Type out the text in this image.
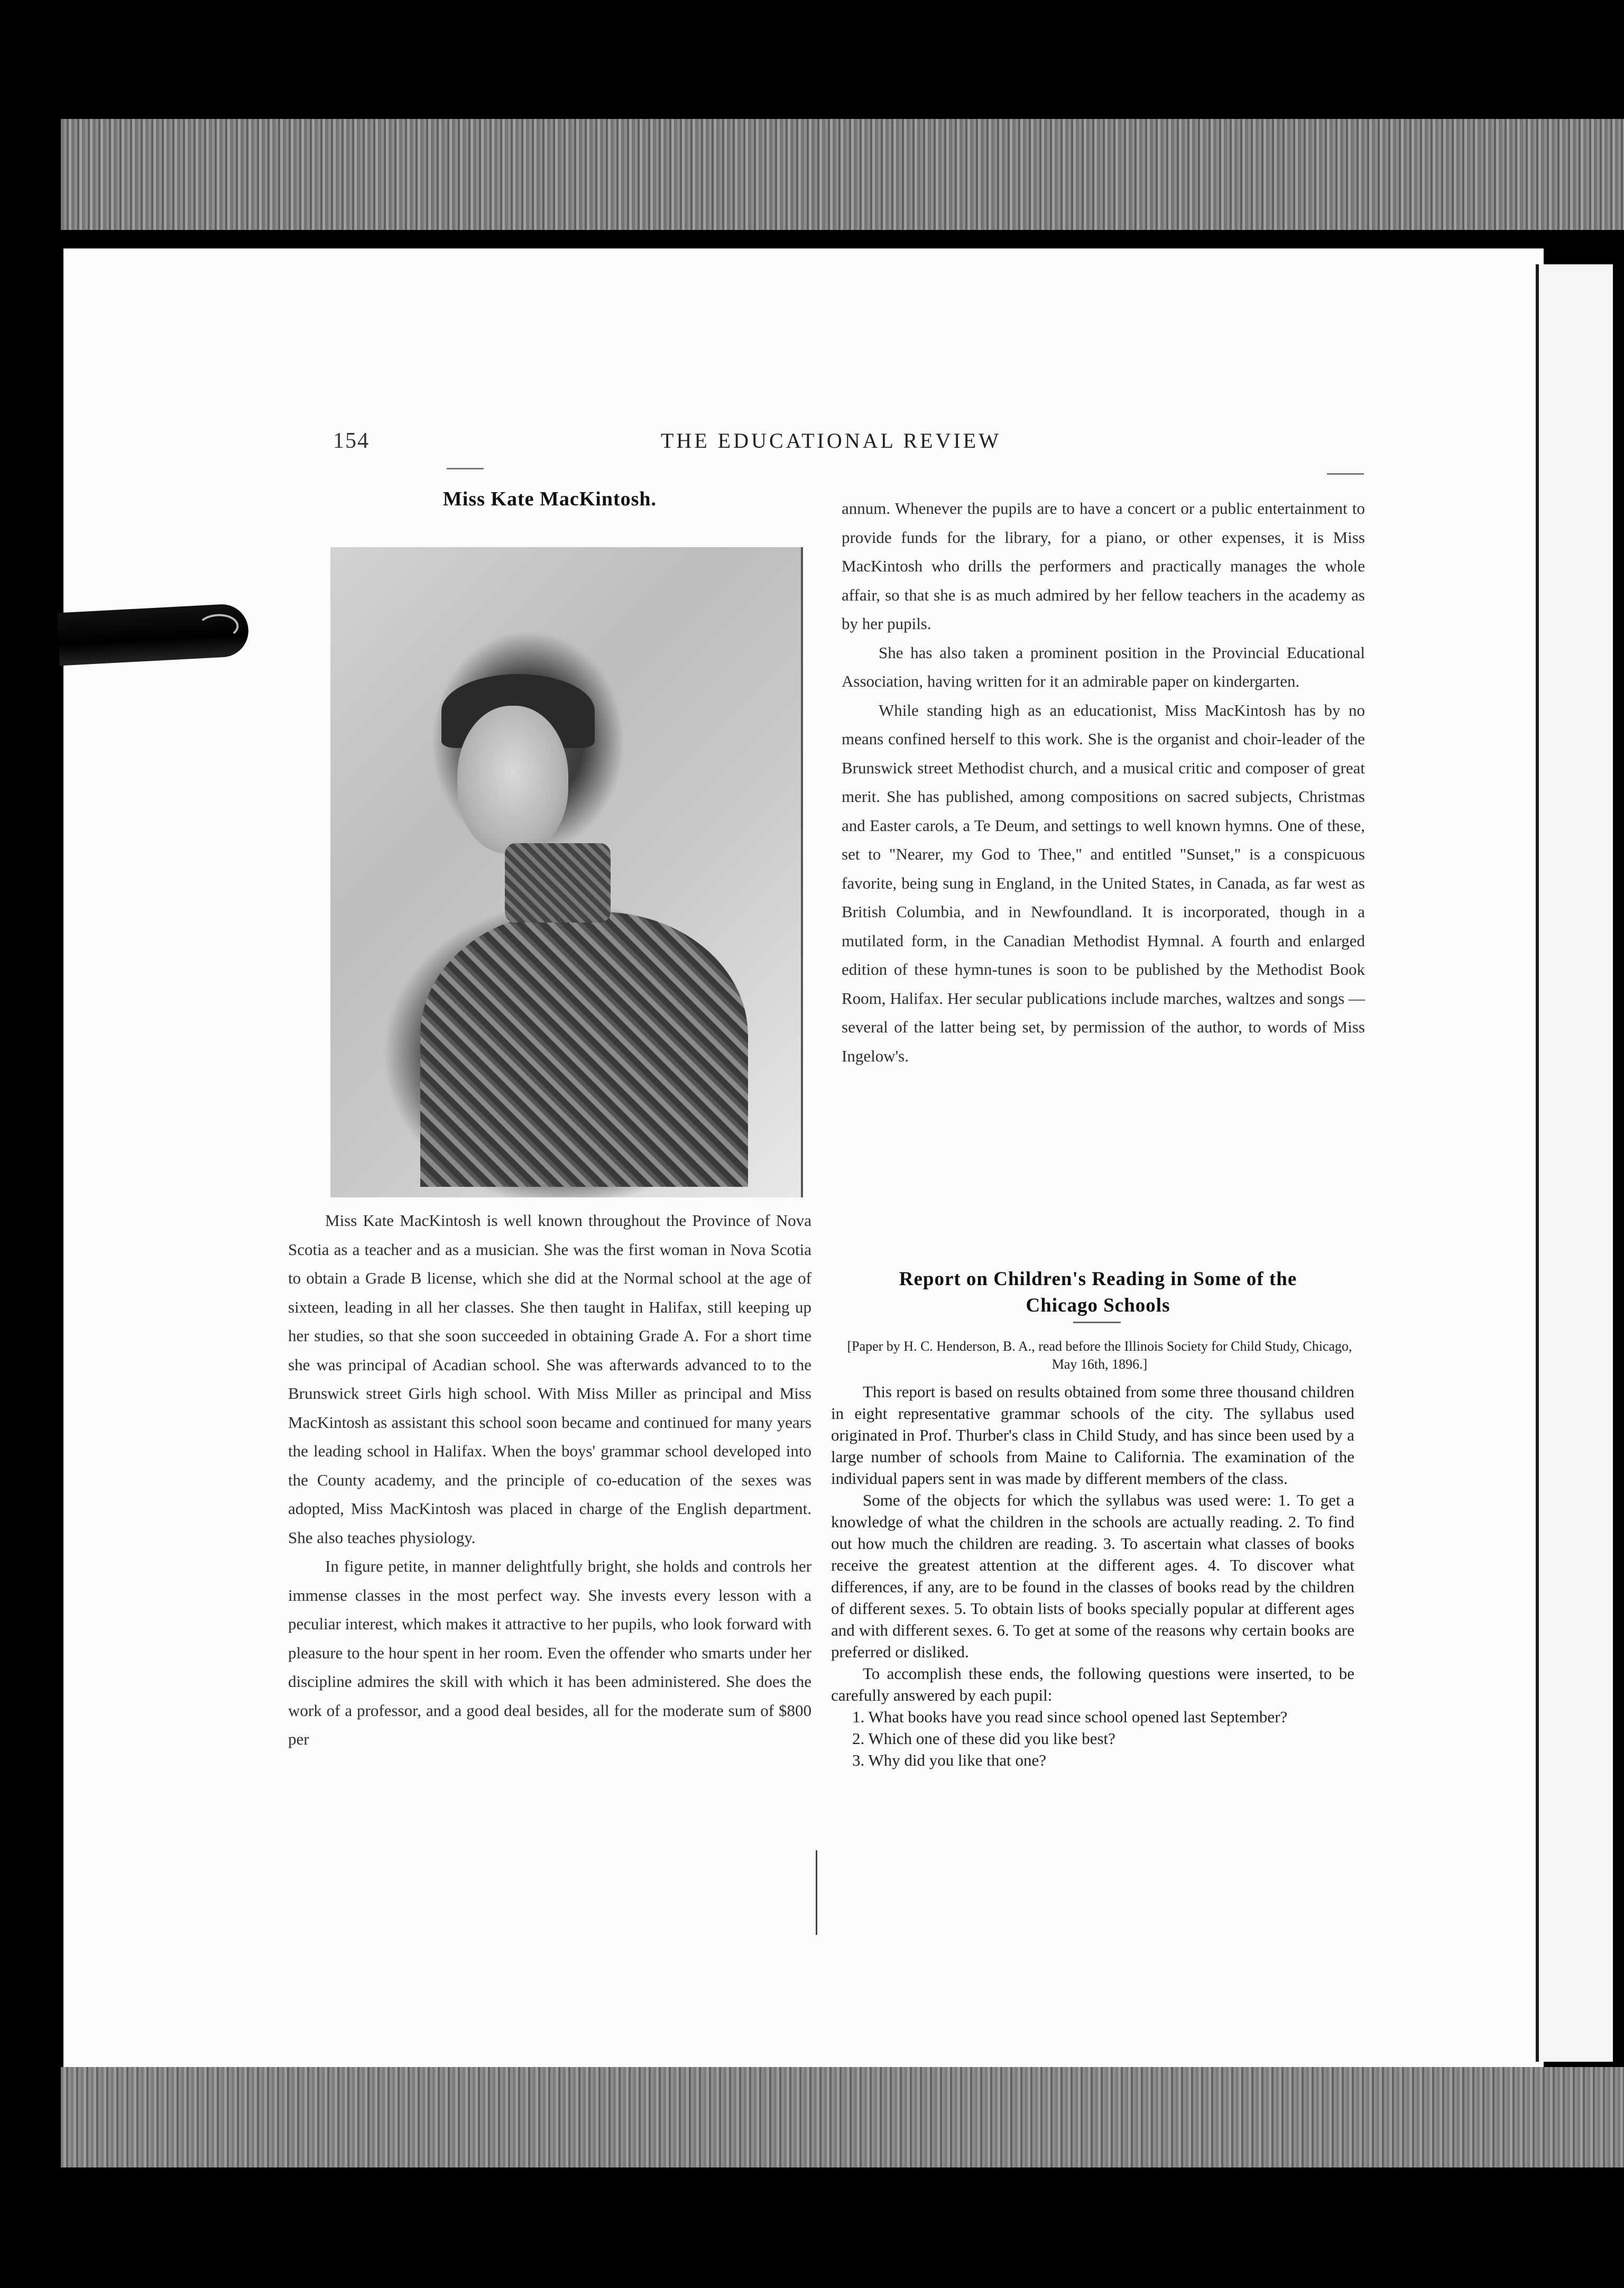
154	THE EDUCATIONAL REVIEW
Miss Kate MacKintosh.

Miss Kate MacKintosh is well known throughout the Province of Nova Scotia as a teacher and as a musician. She was the first woman in Nova Scotia to obtain a Grade B license, which she did at the Normal school at the age of sixteen, leading in all her classes. She then taught in Halifax, still keeping up her studies, so that she soon succeeded in obtaining Grade A. For a short time she was principal of Acadian school. She was afterwards advanced to to the Brunswick street Girls high school. With Miss Miller as principal and Miss MacKintosh as assistant this school soon became and continued for many years the leading school in Halifax. When the boys' grammar school developed into the County academy, and the principle of co-education of the sexes was adopted, Miss MacKintosh was placed in charge of the English department. She also teaches physiology.

In figure petite, in manner delightfully bright, she holds and controls her immense classes in the most perfect way. She invests every lesson with a peculiar interest, which makes it attractive to her pupils, who look forward with pleasure to the hour spent in her room. Even the offender who smarts under her discipline admires the skill with which it has been administered. She does the work of a professor, and a good deal besides, all for the moderate sum of $800 per

annum. Whenever the pupils are to have a concert or a public entertainment to provide funds for the library, for a piano, or other expenses, it is Miss MacKintosh who drills the performers and practically manages the whole affair, so that she is as much admired by her fellow teachers in the academy as by her pupils.

She has also taken a prominent position in the Provincial Educational Association, having written for it an admirable paper on kindergarten.

While standing high as an educationist, Miss MacKintosh has by no means confined herself to this work. She is the organist and choir-leader of the Brunswick street Methodist church, and a musical critic and composer of great merit. She has published, among compositions on sacred subjects, Christmas and Easter carols, a Te Deum, and settings to well known hymns. One of these, set to "Nearer, my God to Thee," and entitled "Sunset," is a conspicuous favorite, being sung in England, in the United States, in Canada, as far west as British Columbia, and in Newfoundland. It is incorporated, though in a mutilated form, in the Canadian Methodist Hymnal. A fourth and enlarged edition of these hymn-tunes is soon to be published by the Methodist Book Room, Halifax. Her secular publications include marches, waltzes and songs — several of the latter being set, by permission of the author, to words of Miss Ingelow's.

Report on Children's Reading in Some of the
Chicago Schools
[Paper by H. C. Henderson, B. A., read before the Illinois Society for Child Study, Chicago, May 16th, 1896.]

This report is based on results obtained from some three thousand children in eight representative grammar schools of the city. The syllabus used originated in Prof. Thurber's class in Child Study, and has since been used by a large number of schools from Maine to California. The examination of the individual papers sent in was made by different members of the class.

Some of the objects for which the syllabus was used were: 1. To get a knowledge of what the children in the schools are actually reading. 2. To find out how much the children are reading. 3. To ascertain what classes of books receive the greatest attention at the different ages. 4. To discover what differences, if any, are to be found in the classes of books read by the children of different sexes. 5. To obtain lists of books specially popular at different ages and with different sexes. 6. To get at some of the reasons why certain books are preferred or disliked.

To accomplish these ends, the following questions were inserted, to be carefully answered by each pupil:

1. What books have you read since school opened last September?

2. Which one of these did you like best?

3. Why did you like that one?
